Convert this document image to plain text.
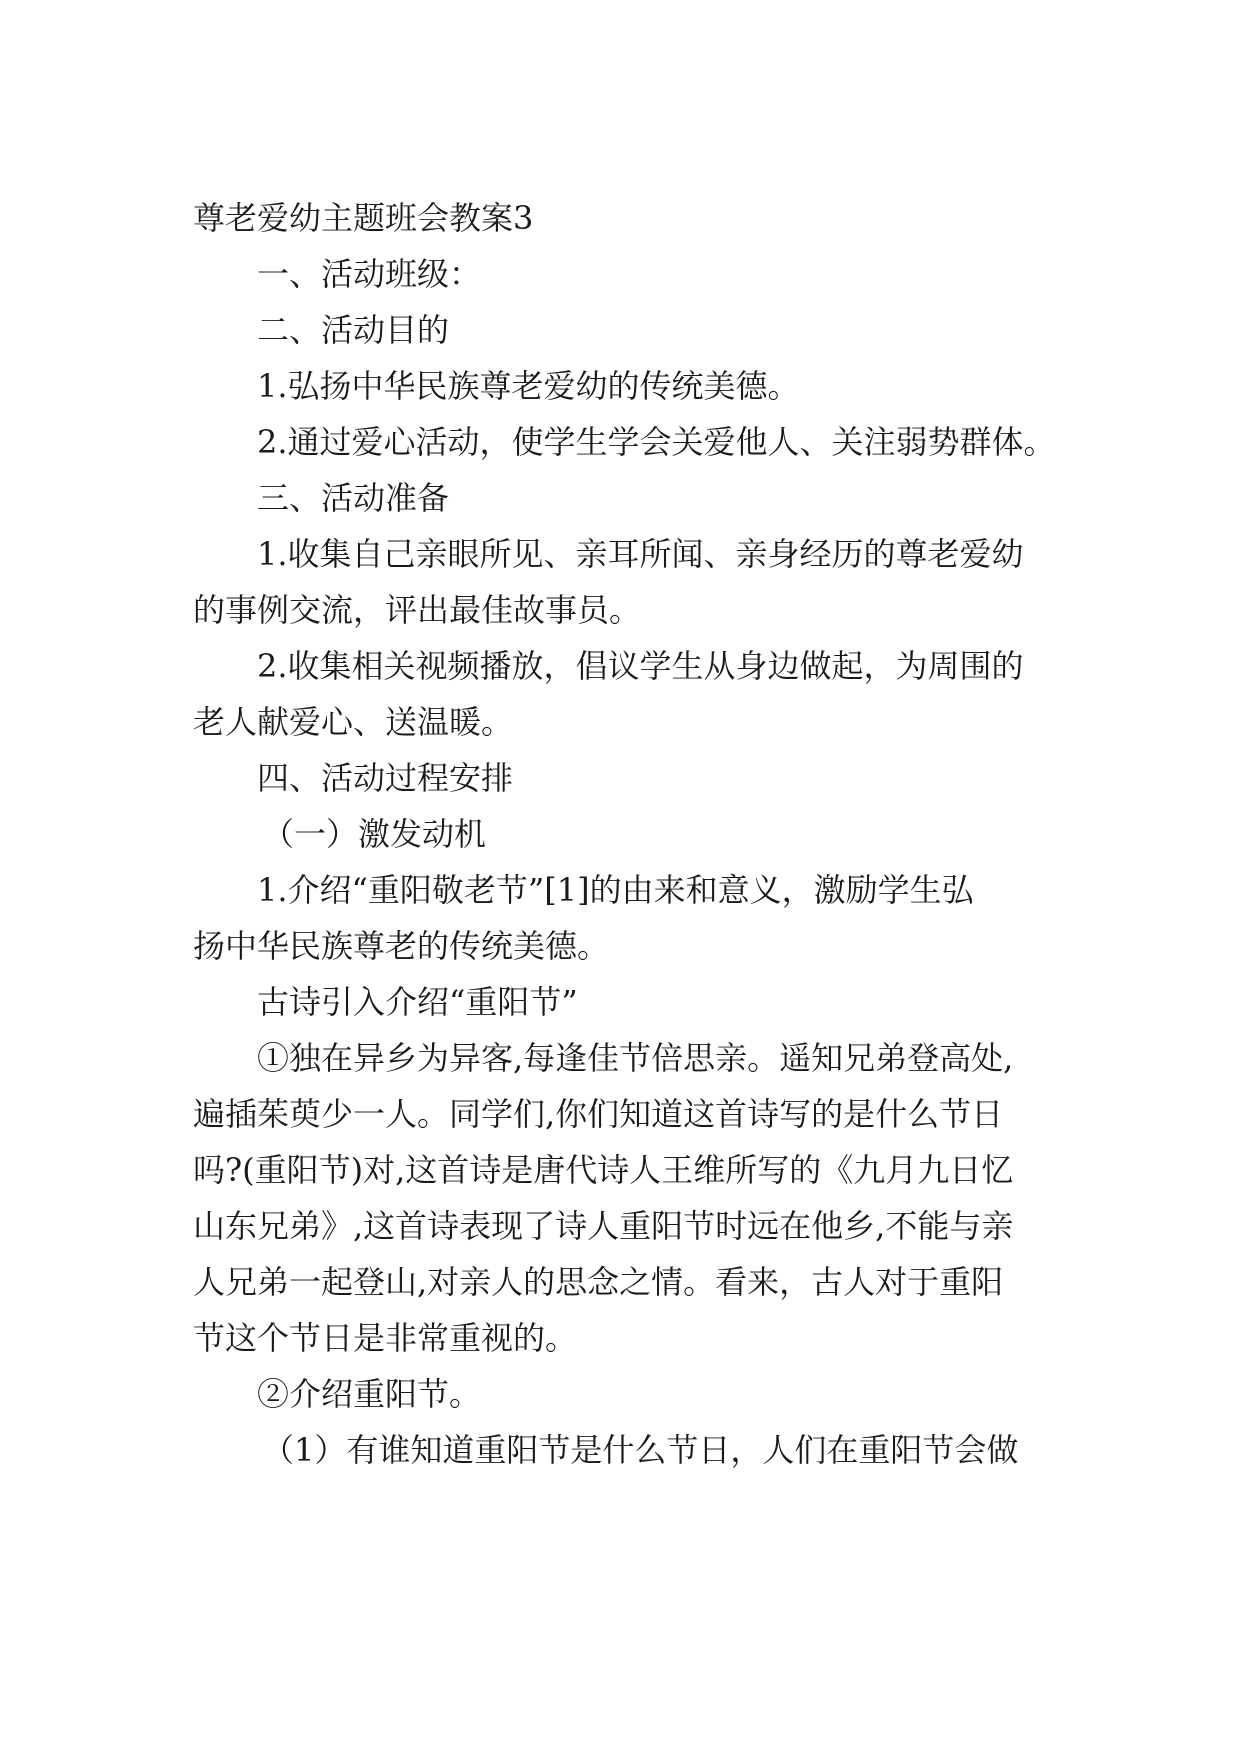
尊老爱幼主题班会教案3
一、活动班级：
二、活动目的
1.弘扬中华民族尊老爱幼的传统美德。
2.通过爱心活动，使学生学会关爱他人、关注弱势群体。
三、活动准备
1.收集自己亲眼所见、亲耳所闻、亲身经历的尊老爱幼
的事例交流，评出最佳故事员。
2.收集相关视频播放，倡议学生从身边做起，为周围的
老人献爱心、送温暖。
四、活动过程安排
（一）激发动机
1.介绍“重阳敬老节”[1]的由来和意义，激励学生弘
扬中华民族尊老的传统美德。
古诗引入介绍“重阳节”
①独在异乡为异客,每逢佳节倍思亲。遥知兄弟登高处,
遍插茱萸少一人。同学们,你们知道这首诗写的是什么节日
吗?(重阳节)对,这首诗是唐代诗人王维所写的《九月九日忆
山东兄弟》,这首诗表现了诗人重阳节时远在他乡,不能与亲
人兄弟一起登山,对亲人的思念之情。看来，古人对于重阳
节这个节日是非常重视的。
②介绍重阳节。
（1）有谁知道重阳节是什么节日，人们在重阳节会做
